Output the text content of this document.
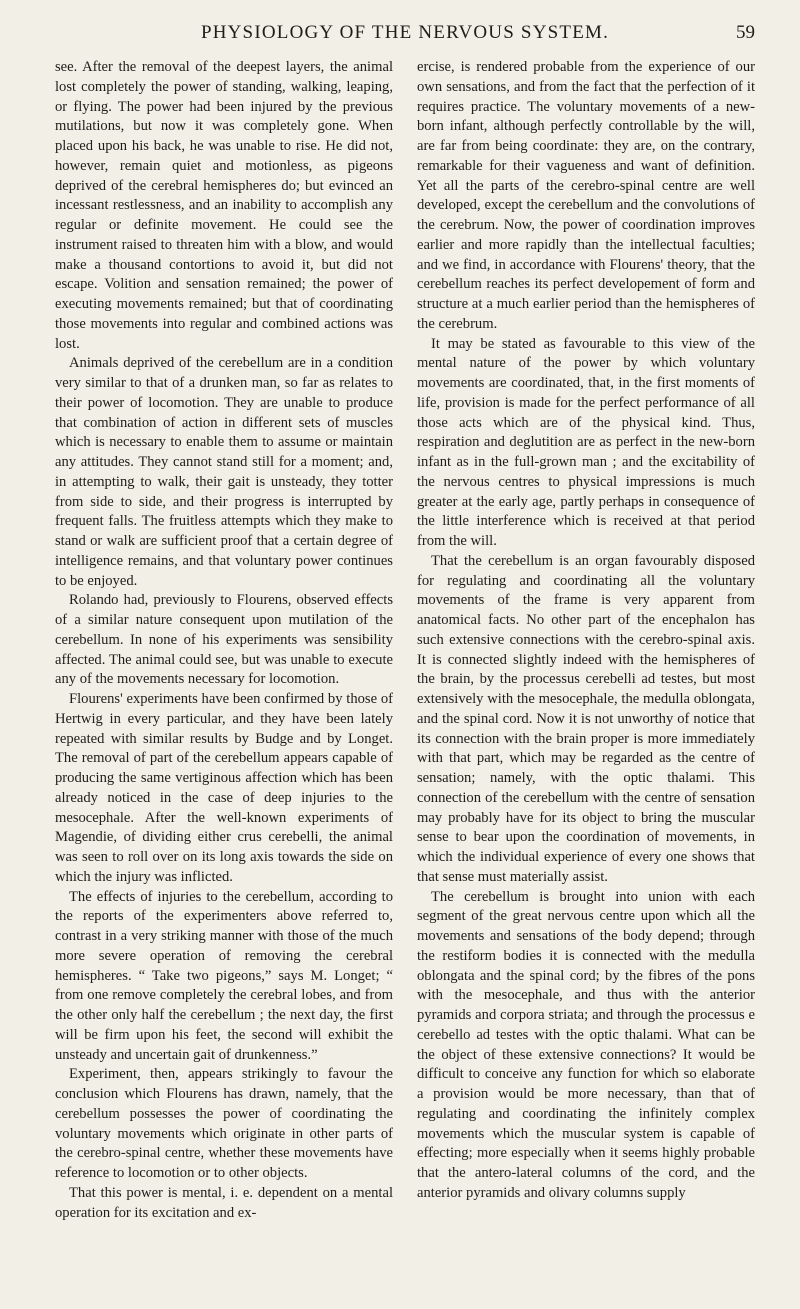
PHYSIOLOGY OF THE NERVOUS SYSTEM.	59

see. After the removal of the deepest layers, the animal lost completely the power of standing, walking, leaping, or flying. The power had been injured by the previous mutilations, but now it was completely gone. When placed upon his back, he was unable to rise. He did not, however, remain quiet and motionless, as pigeons deprived of the cerebral hemispheres do; but evinced an incessant restlessness, and an inability to accomplish any regular or definite movement. He could see the instrument raised to threaten him with a blow, and would make a thousand contortions to avoid it, but did not escape. Volition and sensation remained; the power of executing movements remained; but that of coordinating those movements into regular and combined actions was lost.

Animals deprived of the cerebellum are in a condition very similar to that of a drunken man, so far as relates to their power of locomotion. They are unable to produce that combination of action in different sets of muscles which is necessary to enable them to assume or maintain any attitudes. They cannot stand still for a moment; and, in attempting to walk, their gait is unsteady, they totter from side to side, and their progress is interrupted by frequent falls. The fruitless attempts which they make to stand or walk are sufficient proof that a certain degree of intelligence remains, and that voluntary power continues to be enjoyed.

Rolando had, previously to Flourens, observed effects of a similar nature consequent upon mutilation of the cerebellum. In none of his experiments was sensibility affected. The animal could see, but was unable to execute any of the movements necessary for locomotion.

Flourens' experiments have been confirmed by those of Hertwig in every particular, and they have been lately repeated with similar results by Budge and by Longet. The removal of part of the cerebellum appears capable of producing the same vertiginous affection which has been already noticed in the case of deep injuries to the mesocephale. After the well-known experiments of Magendie, of dividing either crus cerebelli, the animal was seen to roll over on its long axis towards the side on which the injury was inflicted.

The effects of injuries to the cerebellum, according to the reports of the experimenters above referred to, contrast in a very striking manner with those of the much more severe operation of removing the cerebral hemispheres. “ Take two pigeons,” says M. Longet; “ from one remove completely the cerebral lobes, and from the other only half the cerebellum ; the next day, the first will be firm upon his feet, the second will exhibit the unsteady and uncertain gait of drunkenness.”

Experiment, then, appears strikingly to favour the conclusion which Flourens has drawn, namely, that the cerebellum possesses the power of coordinating the voluntary movements which originate in other parts of the cerebro-spinal centre, whether these movements have reference to locomotion or to other objects.

That this power is mental, i. e. dependent on a mental operation for its excitation and ex-

ercise, is rendered probable from the experience of our own sensations, and from the fact that the perfection of it requires practice. The voluntary movements of a new-born infant, although perfectly controllable by the will, are far from being coordinate: they are, on the contrary, remarkable for their vagueness and want of definition. Yet all the parts of the cerebro-spinal centre are well developed, except the cerebellum and the convolutions of the cerebrum. Now, the power of coordination improves earlier and more rapidly than the intellectual faculties; and we find, in accordance with Flourens' theory, that the cerebellum reaches its perfect developement of form and structure at a much earlier period than the hemispheres of the cerebrum.

It may be stated as favourable to this view of the mental nature of the power by which voluntary movements are coordinated, that, in the first moments of life, provision is made for the perfect performance of all those acts which are of the physical kind. Thus, respiration and deglutition are as perfect in the new-born infant as in the full-grown man ; and the excitability of the nervous centres to physical impressions is much greater at the early age, partly perhaps in consequence of the little interference which is received at that period from the will.

That the cerebellum is an organ favourably disposed for regulating and coordinating all the voluntary movements of the frame is very apparent from anatomical facts. No other part of the encephalon has such extensive connections with the cerebro-spinal axis. It is connected slightly indeed with the hemispheres of the brain, by the processus cerebelli ad testes, but most extensively with the mesocephale, the medulla oblongata, and the spinal cord. Now it is not unworthy of notice that its connection with the brain proper is more immediately with that part, which may be regarded as the centre of sensation; namely, with the optic thalami. This connection of the cerebellum with the centre of sensation may probably have for its object to bring the muscular sense to bear upon the coordination of movements, in which the individual experience of every one shows that that sense must materially assist.

The cerebellum is brought into union with each segment of the great nervous centre upon which all the movements and sensations of the body depend; through the restiform bodies it is connected with the medulla oblongata and the spinal cord; by the fibres of the pons with the mesocephale, and thus with the anterior pyramids and corpora striata; and through the processus e cerebello ad testes with the optic thalami. What can be the object of these extensive connections? It would be difficult to conceive any function for which so elaborate a provision would be more necessary, than that of regulating and coordinating the infinitely complex movements which the muscular system is capable of effecting; more especially when it seems highly probable that the antero-lateral columns of the cord, and the anterior pyramids and olivary columns supply
